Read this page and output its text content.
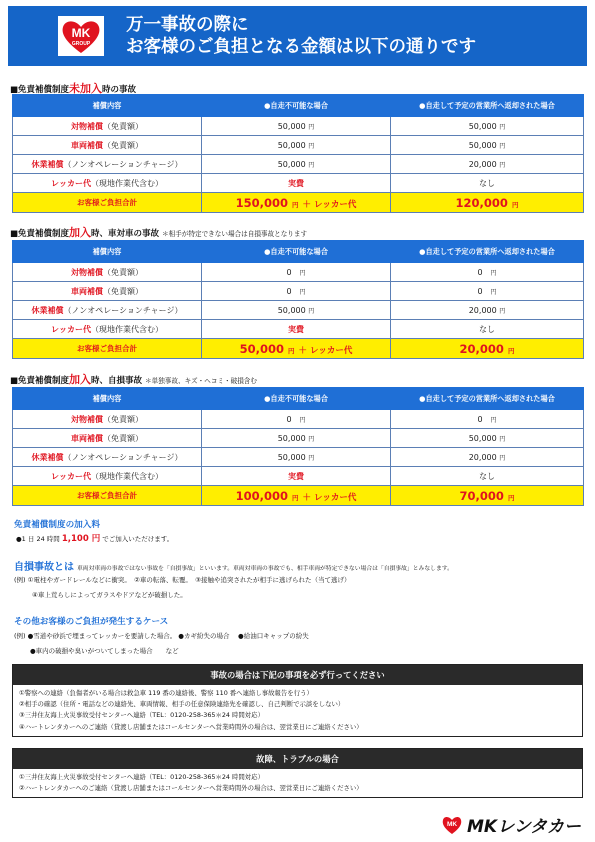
MK
GROUP
万一事故の際に
お客様のご負担となる金額は以下の通りです
■免責補償制度未加入時の事故
補償内容	●自走不可能な場合	●自走して予定の営業所へ返却された場合
対物補償（免責額）	50,000 円	50,000 円
車両補償（免責額）	50,000 円	50,000 円
休業補償（ノンオペレーションチャージ）	50,000 円	20,000 円
レッカー代（現地作業代含む）	実費	なし
お客様ご負担合計	150,000 円 ＋ レッカー代	120,000 円
■免責補償制度加入時、車対車の事故 ＊相手が特定できない場合は自損事故となります
補償内容	●自走不可能な場合	●自走して予定の営業所へ返却された場合
対物補償（免責額）	0　 円	0　 円
車両補償（免責額）	0　 円	0　 円
休業補償（ノンオペレーションチャージ）	50,000 円	20,000 円
レッカー代（現地作業代含む）	実費	なし
お客様ご負担合計	50,000 円 ＋ レッカー代	20,000 円
■免責補償制度加入時、自損事故 ＊単独事故、キズ・ヘコミ・破損含む
補償内容	●自走不可能な場合	●自走して予定の営業所へ返却された場合
対物補償（免責額）	0　 円	0　 円
車両補償（免責額）	50,000 円	50,000 円
休業補償（ノンオペレーションチャージ）	50,000 円	20,000 円
レッカー代（現地作業代含む）	実費	なし
お客様ご負担合計	100,000 円 ＋ レッカー代	70,000 円
免責補償制度の加入料
●1 日 24 時間 1,100 円 でご加入いただけます。
自損事故とは 車両対車両の事故ではない事故を「自損事故」といいます。車両対車両の事故でも、相手車両が特定できない場合は「自損事故」とみなします。
(例) ①電柱やガードレールなどに衝突。　②車の転落、転覆。　③接触や追突されたが相手に逃げられた（当て逃げ）
④車上荒らしによってガラスやドアなどが破損した。
その他お客様のご負担が発生するケース
(例) ●雪道や砂浜で埋まってレッカーを要請した場合。 ●カギ紛失の場合　 ●給油口キャップの紛失
●車内の破損や臭いがついてしまった場合　　など
事故の場合は下記の事項を必ず行ってください
①警察への連絡（負傷者がいる場合は救急車 119 番の連絡後、警察 110 番へ連絡し事故報告を行う）
②相手の確認（住所・電話などの連絡先、車両情報、相手の任意保険連絡先を確認し、自己判断で示談をしない）
③三井住友海上火災事故受付センターへ連絡（TEL：0120-258-365＊24 時間対応）
④ハートレンタカーへのご連絡（貸渡し店舗またはコールセンターへ営業時間外の場合は、翌営業日にご連絡ください）
故障、トラブルの場合
①三井住友海上火災事故受付センターへ連絡（TEL：0120-258-365＊24 時間対応）
②ハートレンタカーへのご連絡（貸渡し店舗またはコールセンターへ営業時間外の場合は、翌営業日にご連絡ください）
MK MKレンタカー
